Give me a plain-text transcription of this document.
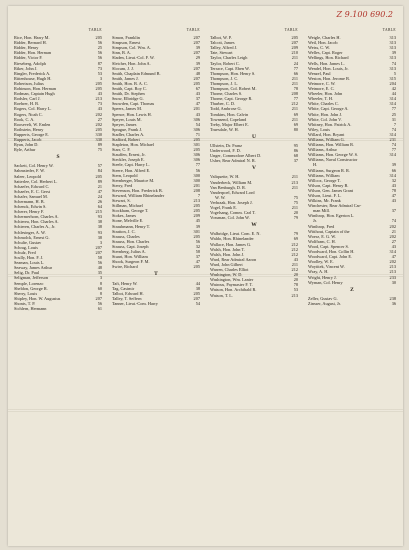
Z 9.100 690.2
TABLE
Rice, Hon. Harry M.	205
Ridder, Bernard H.	56
Ridder, Henry	25
Ridder, Hon. Herman	56
Ridder, Victor F.	56
Rieseberg, Adolph	87
Riker, John J.	73
Ringler, Frederick A.	53
Rittenhouse, Hugh H.	3
Robertson, Julius	205
Robinson, Hon. Herman	205
Rodman, Captain Hugh	43
Rodsler, Carl J.	213
Roehrer, H. B.	73
Rogers, Col. Harry L.	43
Rogers, Noah C.	202
Rook, C. A.	27
Roosevelt, W. Emlen	202
Rothstein, Henry	205
Rupperts, George E.	330
Rupperts, Jacob	330
Ryan, John D.	89
Ryle, Arthur	75
S
Sackett, Col. Henry W.	57
Sahmsieder, F. W.	84
Saleer, Leopold	205
Satterlee, Col. Herbert L.	89
Schaefer, Edward C.	21
Schaefer, E. C. Gerst	47
Schafer, Samuel M.	24
Schermann, H. B.	26
Schenck, Edwin S.	64
Scherer, Henry F.	215
Schermerhorn, Charles A.	93
Schierea, Hon. Charles A.	38
Schieren, Charles A., Jr.	38
Schlesinger, A. W.	93
Schmolck, Ernest G.	38
Schulte, Gustav	3
Schrag, Louis	207
Schulz, Fred	207
Scully, Hon. F. J.	58
Seaman, Louis L.	56
Seaway, James Arthur	48
Selig, Dr. Paul	35
Seligman, Jefferson	3
Semple, Lorenzo	8
Sheldon, George R.	60
Sherry, Louis	8
Shipley, Hon. W. Augustus	207
Shonts, T. P.	56
Sichlern, Hermann	61
TABLE
Simon, Franklin	207
Simpson, Ernest	207
Simpson, Col. Wm. A.	39
Sinn, B. A.	207
Sladen, Lieut.-Col. F. W.	29
Sleicher, Hon. John A.	39
Slocum, J. J.	207
Smith, Chaplain Edmund B.	48
Smith, James J.	207
Smith, Hon. B. A. C.	205
Smith, Capt. Roy C.	67
Smith, Dr. Stephen	43
Snow, Elbridge G.	37
Snowden, Capt. Thomas	47
Speers, James M.	201
Spence, Hon. Lewis H.	43
Speyer, Louis M.	306
Speyer, James	54
Sprague, Frank J.	306
Stadler, Charles A.	71
Stafford, Robert	205
Stapleton, Hon. Michael	301
Starr, C. F.	205
Stauffen, Ernest, Jr.	306
Steckler, Joseph E.	306
Steele, Capt. Harry L.	77
Steere, Hon. Alfred E.	56
Stern, Leopold	300
Sternberger, Maurice M.	300
Sterry, Fred	201
Stevenson, Hon. Frederick B.	208
Steward, William Rhinelander	7
Stewart, S.	213
Stillman, Michael	205
Stockham, George T.	205
Stokes, James	209
Stone, Melville E.	45
Straubmann, Henry T.	39
Stratton, J. C.	301
Strauss, Charles	205
Strauss, Hon. Charles	56
Strauss, Capt. Joseph	32
Sternberg, Julius A.	58
Stuart, Hon. William	37
Shook, Surgeon F. M.	47
Swire, Richard	205
T
Taft, Henry W.	44
Tag, Casimir	38
Talbot, Edward H.	205
Talley, T. Seffern	207
Tanner, Lieut.-Com. Harry	54
TABLE
Talbot, W. P.	205
Talcott, James	207
Talley, Alfred J.	209
Tate, Stewart	210
Taylor, Charles Leigh	211
Taylor, Robert C.	24
Terrace, Capt. Eben W.	77
Thompson, Hon. Henry S.	66
Thompson, J. C.	211
Thompson, J. L.	211
Thompson, Col. Robert M.	78
Thorne, Charles S.	208
Thorne, Capt. George R.	77
Thurber, C. D.	212
Todd, Ambrose G.	211
Tomkins, Hon. Calvin	69
Townsend, Copeland	211
Treby, Major Elbert E.	69
Truesdale, W. H.	80
U
Ullstein, Dr. Franz	95
Underwood, F. D.	86
Unger, Commodore Albert D.	68
Usher, Rear Admiral N. R.	37
V
Valiquette, W. H.	211
Vanderbeck, William M.	213
Van Benburgh, D. R.	211
Vanderpoel, Edward Lord
W. W.	75
Verbraak, Hon. Joseph J.	75
Vogel, Frank E.	211
Vogelsang, Comm. Carl T.	20
Vossman, Col. John W.	79
W
Walbridge, Lieut. Com. E. N.	79
Waldo, Hon. Rhinelander	69
Wallace, Hon. James G.	212
Walsh, Hon. John T.	212
Walsh, Hon. John J.	212
Ward, Rear Admiral Aaron	43
Ward, John Gilbert	211
Warren, Charles Elliot	212
Washington, W. D.	20
Washington, Wm. Lanier	20
Watrous, Paymaster F. T.	78
Watson, Hon. Archibald R.	53
Watson, T. L.	213
TABLE
Weigle, Charles H.	313
Weil, Hon. Jacob	313
Weiss, C. W.	313
Welles, Capt. Roger	39
Wellings, Hon. Richard	313
Wells, Hon. James L.	74
Wendel, Hon. Louis, Jr.	313
Wenzel, Paul	5
Weston, Hon. Jerome B.	315
Wetmore, C. W.	204
Wetmore, E. C.	42
Wheeler, Hon. John	44
Wheeler, T. H.	314
White, Charles C.	314
White, Capt. George A.	77
White, Hon. John J.	25
White, Col. John V.	31
Whitney, Hon. Patrick A.	7
Wiley, Louis	74
Willard, Hon. Bryant	314
Williams, William G.	231
Williams, Hon. William R.	74
Williams, Arthur	77
Williams, Hon. George W. S.	314
Williams, Naval Constructor
H.	39
Williams, Surgeon R. R.	66
Williams, William	314
Willcox, George T.	32
Wilson, Capt. Henry B.	43
Wilson, Gen. James Grant	78
Wilson, Lieut. F. L.	47
Wilkins, Mr. Frank	43
Winchester, Rear Admiral Car-
man Mill.	37
Winthrop, Hon. Egerton L.
Jr.	74
Winthrop, Fred	202
Witthout, Captain of the	21
Woerz, E. G. W.	202
Wolffram, C. H.	27
Wood, Capt. Spencer S.	43
Woodward, Hon. Collin H.	314
Woodward, Capt. John E.	47
Woolley, W. E.	202
Woytitek, Vincent W.	213
Wray, A. H.	213
Wright, Henry J.	233
Wyman, Col. Henry	30
Z
Zeller, Gustav G.	238
Zinsser, August, Jr.	36
